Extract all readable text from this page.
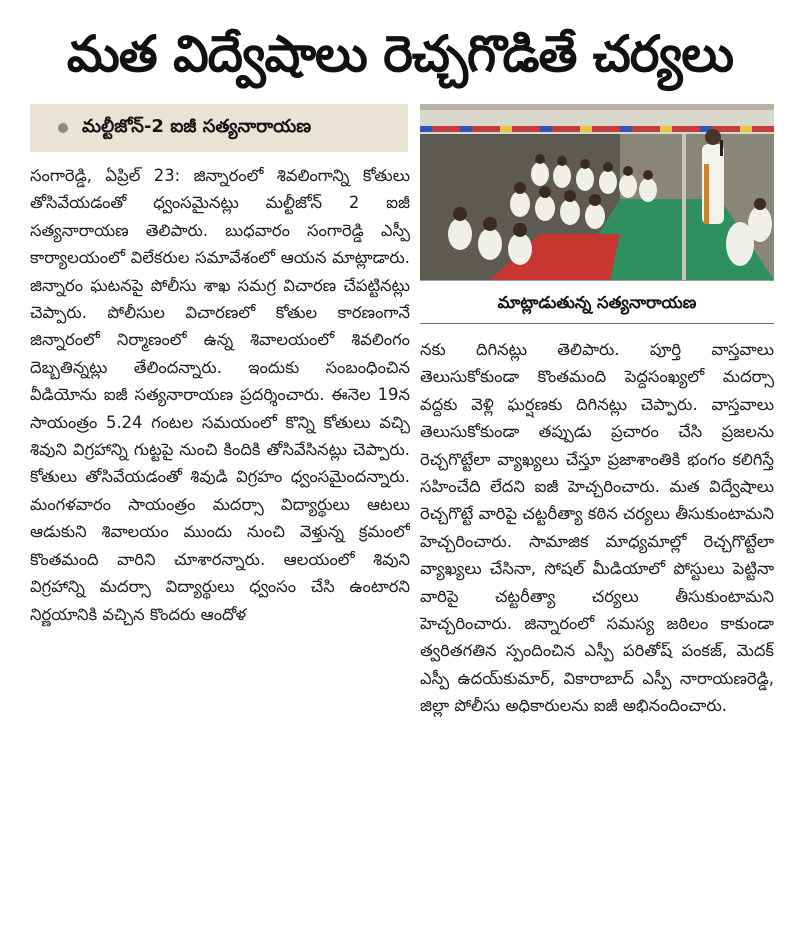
మత విద్వేషాలు రెచ్చగొడితే చర్యలు
మల్టీజోన్-2 ఐజీ సత్యనారాయణ

సంగారెడ్డి, ఏప్రిల్ 23: జిన్నారంలో శివలింగాన్ని కోతులు తోసివేయడంతో ధ్వంసమైనట్లు మల్టీజోన్ 2 ఐజీ సత్యనారాయణ తెలిపారు. బుధవారం సంగారెడ్డి ఎస్పీ కార్యాలయంలో విలేకరుల సమావేశంలో ఆయన మాట్లాడారు. జిన్నారం ఘటనపై పోలీసు శాఖ సమగ్ర విచారణ చేపట్టినట్లు చెప్పారు. పోలీసుల విచారణలో కోతుల కారణంగానే జిన్నారంలో నిర్మాణంలో ఉన్న శివాలయంలో శివలింగం దెబ్బతిన్నట్లు తేలిందన్నారు. ఇందుకు సంబంధించిన వీడియోను ఐజీ సత్యనారాయణ ప్రదర్శించారు. ఈనెల 19న సాయంత్రం 5.24 గంటల సమయంలో కొన్ని కోతులు వచ్చి శివుని విగ్రహాన్ని గుట్టపై నుంచి కిందికి తోసివేసినట్లు చెప్పారు. కోతులు తోసివేయడంతో శివుడి విగ్రహం ధ్వంసమైందన్నారు. మంగళవారం సాయంత్రం మదర్సా విద్యార్థులు ఆటలు ఆడుకుని శివాలయం ముందు నుంచి వెళ్తున్న క్రమంలో కొంతమంది వారిని చూశారన్నారు. ఆలయంలో శివుని విగ్రహాన్ని మదర్సా విద్యార్థులు ధ్వంసం చేసి ఉంటారని నిర్ణయానికి వచ్చిన కొందరు ఆందోళ

మాట్లాడుతున్న సత్యనారాయణ

నకు దిగినట్లు తెలిపారు. పూర్తి వాస్తవాలు తెలుసుకోకుండా కొంతమంది పెద్దసంఖ్యలో మదర్సా వద్దకు వెళ్లి ఘర్షణకు దిగినట్లు చెప్పారు. వాస్తవాలు తెలుసుకోకుండా తప్పుడు ప్రచారం చేసి ప్రజలను రెచ్చగొట్టేలా వ్యాఖ్యలు చేస్తూ ప్రజాశాంతికి భంగం కలిగిస్తే సహించేది లేదని ఐజీ హెచ్చరించారు. మత విద్వేషాలు రెచ్చగొట్టే వారిపై చట్టరీత్యా కఠిన చర్యలు తీసుకుంటామని హెచ్చరించారు. సామాజిక మాధ్యమాల్లో రెచ్చగొట్టేలా వ్యాఖ్యలు చేసినా, సోషల్ మీడియాలో పోస్టులు పెట్టినా వారిపై చట్టరీత్యా చర్యలు తీసుకుంటామని హెచ్చరించారు. జిన్నారంలో సమస్య జఠిలం కాకుండా త్వరితగతిన స్పందించిన ఎస్పీ పరితోష్ పంకజ్, మెదక్ ఎస్పీ ఉదయ్‌కుమార్, వికారాబాద్ ఎస్పీ నారాయణరెడ్డి, జిల్లా పోలీసు అధికారులను ఐజీ అభినందించారు.
